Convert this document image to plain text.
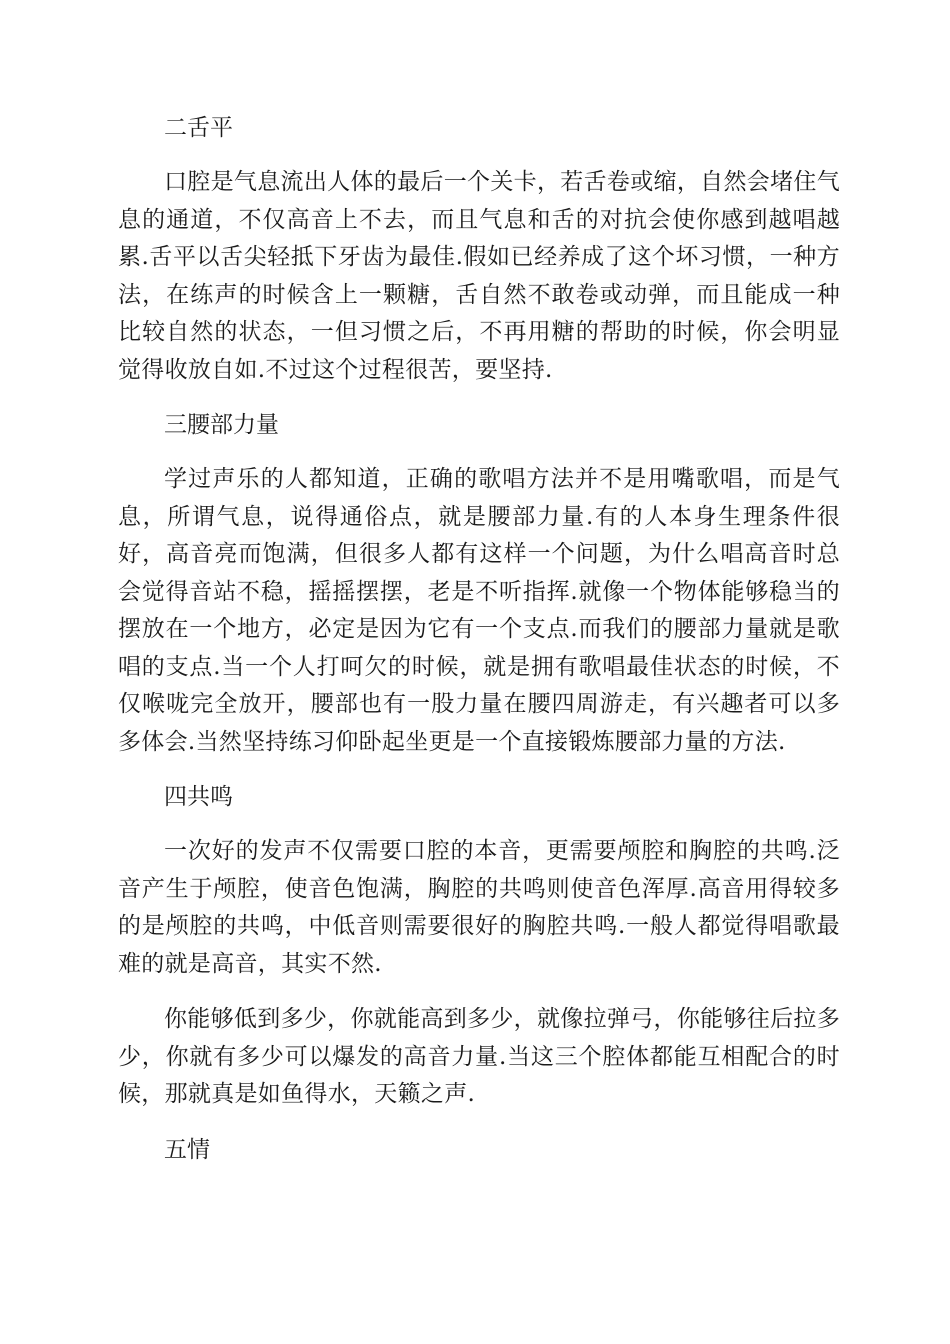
二舌平
口腔是气息流出人体的最后一个关卡，若舌卷或缩，自然会堵住气息的通道，不仅高音上不去，而且气息和舌的对抗会使你感到越唱越累.舌平以舌尖轻抵下牙齿为最佳.假如已经养成了这个坏习惯，一种方法，在练声的时候含上一颗糖，舌自然不敢卷或动弹，而且能成一种比较自然的状态，一但习惯之后，不再用糖的帮助的时候，你会明显觉得收放自如.不过这个过程很苦，要坚持.
三腰部力量
学过声乐的人都知道，正确的歌唱方法并不是用嘴歌唱，而是气息，所谓气息，说得通俗点，就是腰部力量.有的人本身生理条件很好，高音亮而饱满，但很多人都有这样一个问题，为什么唱高音时总会觉得音站不稳，摇摇摆摆，老是不听指挥.就像一个物体能够稳当的摆放在一个地方，必定是因为它有一个支点.而我们的腰部力量就是歌唱的支点.当一个人打呵欠的时候，就是拥有歌唱最佳状态的时候，不仅喉咙完全放开，腰部也有一股力量在腰四周游走，有兴趣者可以多多体会.当然坚持练习仰卧起坐更是一个直接锻炼腰部力量的方法.
四共鸣
一次好的发声不仅需要口腔的本音，更需要颅腔和胸腔的共鸣.泛音产生于颅腔，使音色饱满，胸腔的共鸣则使音色浑厚.高音用得较多的是颅腔的共鸣，中低音则需要很好的胸腔共鸣.一般人都觉得唱歌最难的就是高音，其实不然.
你能够低到多少，你就能高到多少，就像拉弹弓，你能够往后拉多少，你就有多少可以爆发的高音力量.当这三个腔体都能互相配合的时候，那就真是如鱼得水，天籁之声.
五情
